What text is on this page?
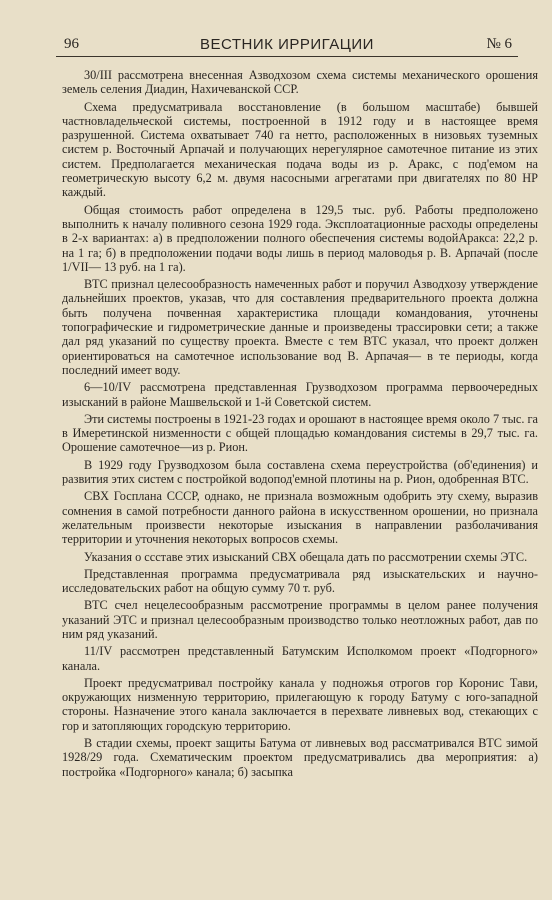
96	ВЕСТНИК ИРРИГАЦИИ	№ 6

30/III рассмотрена внесенная Азводхозом схема системы механического орошения земель селения Диадин, Нахичеванской ССР.

Схема предусматривала восстановление (в большом масштабе) бывшей частновладельческой системы, построенной в 1912 году и в настоящее время разрушенной. Система охватывает 740 га нетто, расположенных в низовьях туземных систем р. Восточный Арпачай и получающих нерегулярное самотечное питание из этих систем. Предполагается механическая подача воды из р. Аракс, с под'емом на геометрическую высоту 6,2 м. двумя насосными агрегатами при двигателях по 80 HP каждый.

Общая стоимость работ определена в 129,5 тыс. руб. Работы предположено выполнить к началу поливного сезона 1929 года. Эксплоатационные расходы определены в 2-х вариантах: а) в предположении полного обеспечения системы водойАракса: 22,2 р. на 1 га; б) в предположении подачи воды лишь в период маловодья р. В. Арпачай (после 1/VII— 13 руб. на 1 га).

ВТС признал целесообразность намеченных работ и поручил Азводхозу утверждение дальнейших проектов, указав, что для составления предварительного проекта должна быть получена почвенная характеристика площади командования, уточнены топографические и гидрометрические данные и произведены трассировки сети; а также дал ряд указаний по существу проекта. Вместе с тем ВТС указал, что проект должен ориентироваться на самотечное использование вод В. Арпачая— в те периоды, когда последний имеет воду.

6—10/IV рассмотрена представленная Грузводхозом программа первоочередных изысканий в районе Машвельской и 1-й Советской систем.

Эти системы построены в 1921-23 годах и орошают в настоящее время около 7 тыс. га в Имеретинской низменности с общей площадью командования системы в 29,7 тыс. га. Орошение самотечное—из р. Рион.

В 1929 году Грузводхозом была составлена схема переустройства (об'единения) и развития этих систем с постройкой водопод'емной плотины на р. Рион, одобренная ВТС.

СВХ Госплана СССР, однако, не признала возможным одобрить эту схему, выразив сомнения в самой потребности данного района в искусственном орошении, но признала желательным произвести некоторые изыскания в направлении разболачивания территории и уточнения некоторых вопросов схемы.

Указания о ссставе этих изысканий СВХ обещала дать по рассмотрении схемы ЭТС.

Представленная программа предусматривала ряд изыскательских и научно-исследовательских работ на общую сумму 70 т. руб.

ВТС счел нецелесообразным рассмотрение программы в целом ранее получения указаний ЭТС и признал целесообразным производство только неотложных работ, дав по ним ряд указаний.

11/IV рассмотрен представленный Батумским Исполкомом проект «Подгорного» канала.

Проект предусматривал постройку канала у подножья отрогов гор Коронис Тави, окружающих низменную территорию, прилегающую к городу Батуму с юго-западной стороны. Назначение этого канала заключается в перехвате ливневых вод, стекающих с гор и затопляющих городскую территорию.

В стадии схемы, проект защиты Батума от ливневых вод рассматривался ВТС зимой 1928/29 года. Схематическим проектом предусматривались два мероприятия: а) постройка «Подгорного» канала; б) засыпка
